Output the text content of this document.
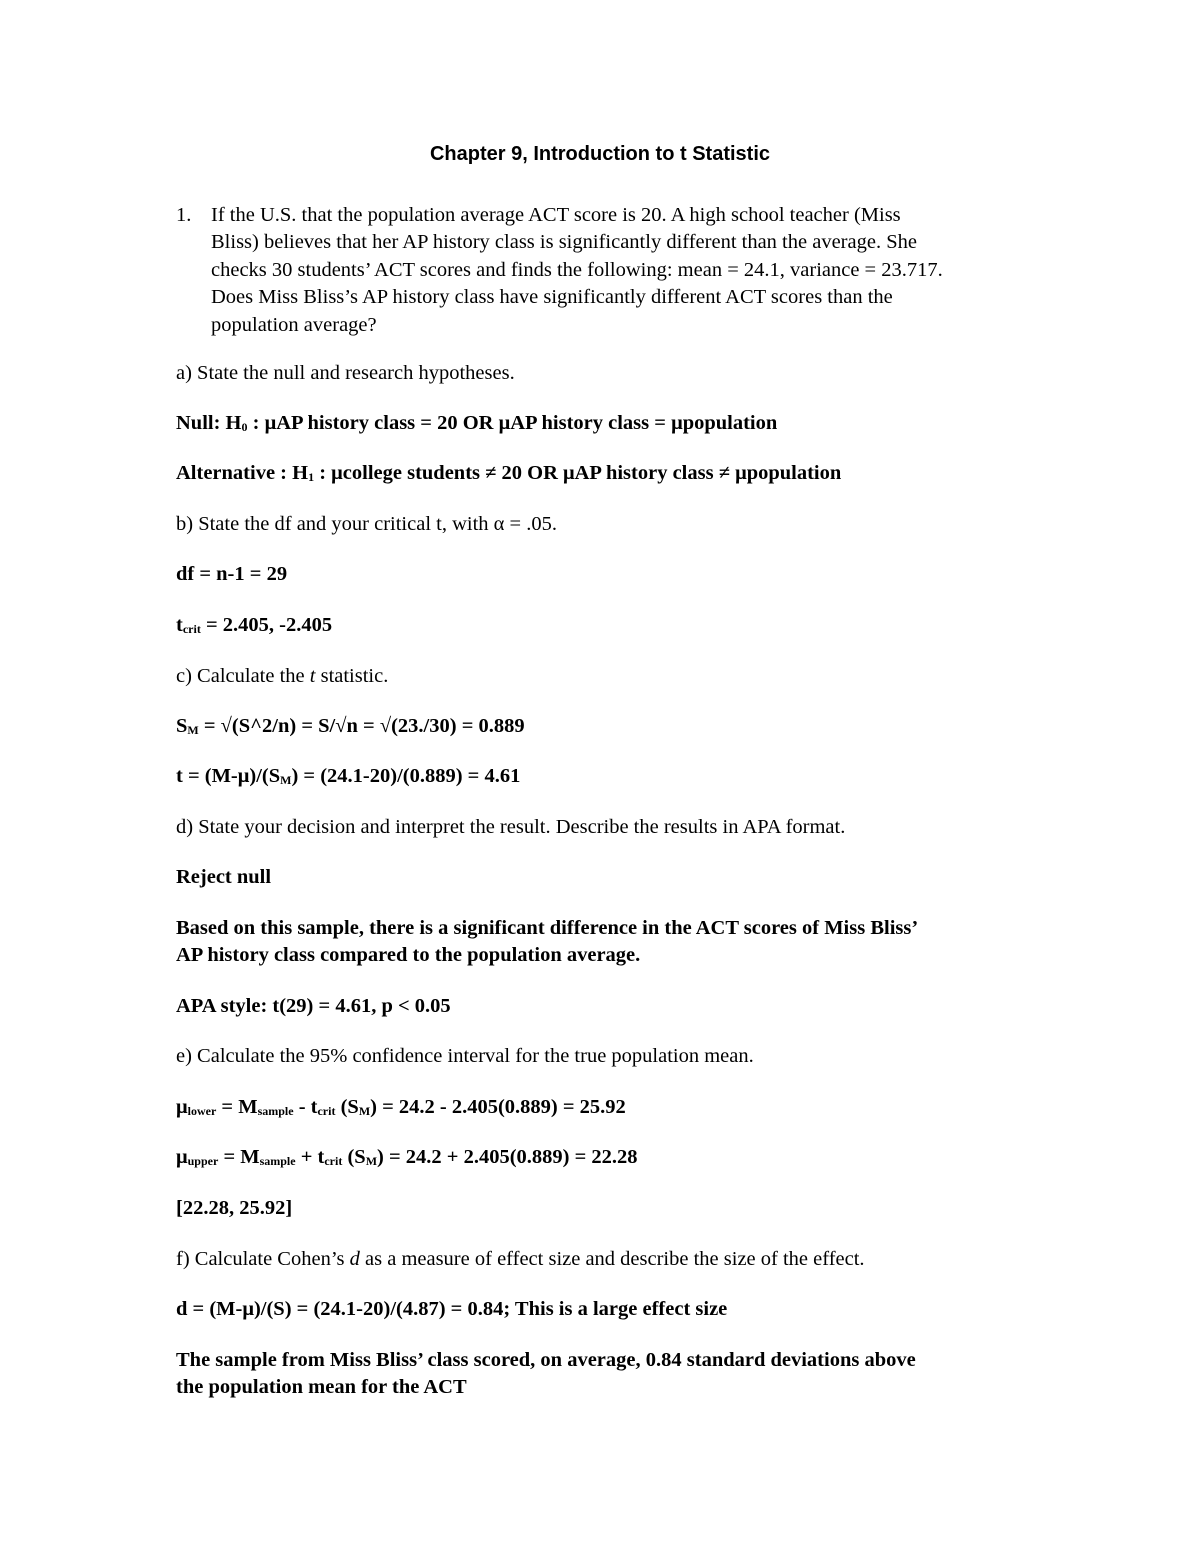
Chapter 9, Introduction to t Statistic
1. If the U.S. that the population average ACT score is 20. A high school teacher (Miss
Bliss) believes that her AP history class is significantly different than the average. She
checks 30 students’ ACT scores and finds the following: mean = 24.1, variance = 23.717.
Does Miss Bliss’s AP history class have significantly different ACT scores than the
population average?

a) State the null and research hypotheses.

Null: H0 : μAP history class = 20 OR μAP history class = μpopulation

Alternative : H1 : μcollege students ≠ 20 OR μAP history class ≠ μpopulation

b) State the df and your critical t, with α = .05.

df = n-1 = 29

tcrit = 2.405, -2.405

c) Calculate the t statistic.

SM = √(S^2/n) = S/√n = √(23./30) = 0.889

t = (M-μ)/(SM) = (24.1-20)/(0.889) = 4.61

d) State your decision and interpret the result. Describe the results in APA format.

Reject null

Based on this sample, there is a significant difference in the ACT scores of Miss Bliss’

AP history class compared to the population average.

APA style: t(29) = 4.61, p < 0.05

e) Calculate the 95% confidence interval for the true population mean.

μlower = Msample - tcrit (SM) = 24.2 - 2.405(0.889) = 25.92

μupper = Msample + tcrit (SM) = 24.2 + 2.405(0.889) = 22.28

[22.28, 25.92]

f) Calculate Cohen’s d as a measure of effect size and describe the size of the effect.

d = (M-μ)/(S) = (24.1-20)/(4.87) = 0.84; This is a large effect size

The sample from Miss Bliss’ class scored, on average, 0.84 standard deviations above

the population mean for the ACT
